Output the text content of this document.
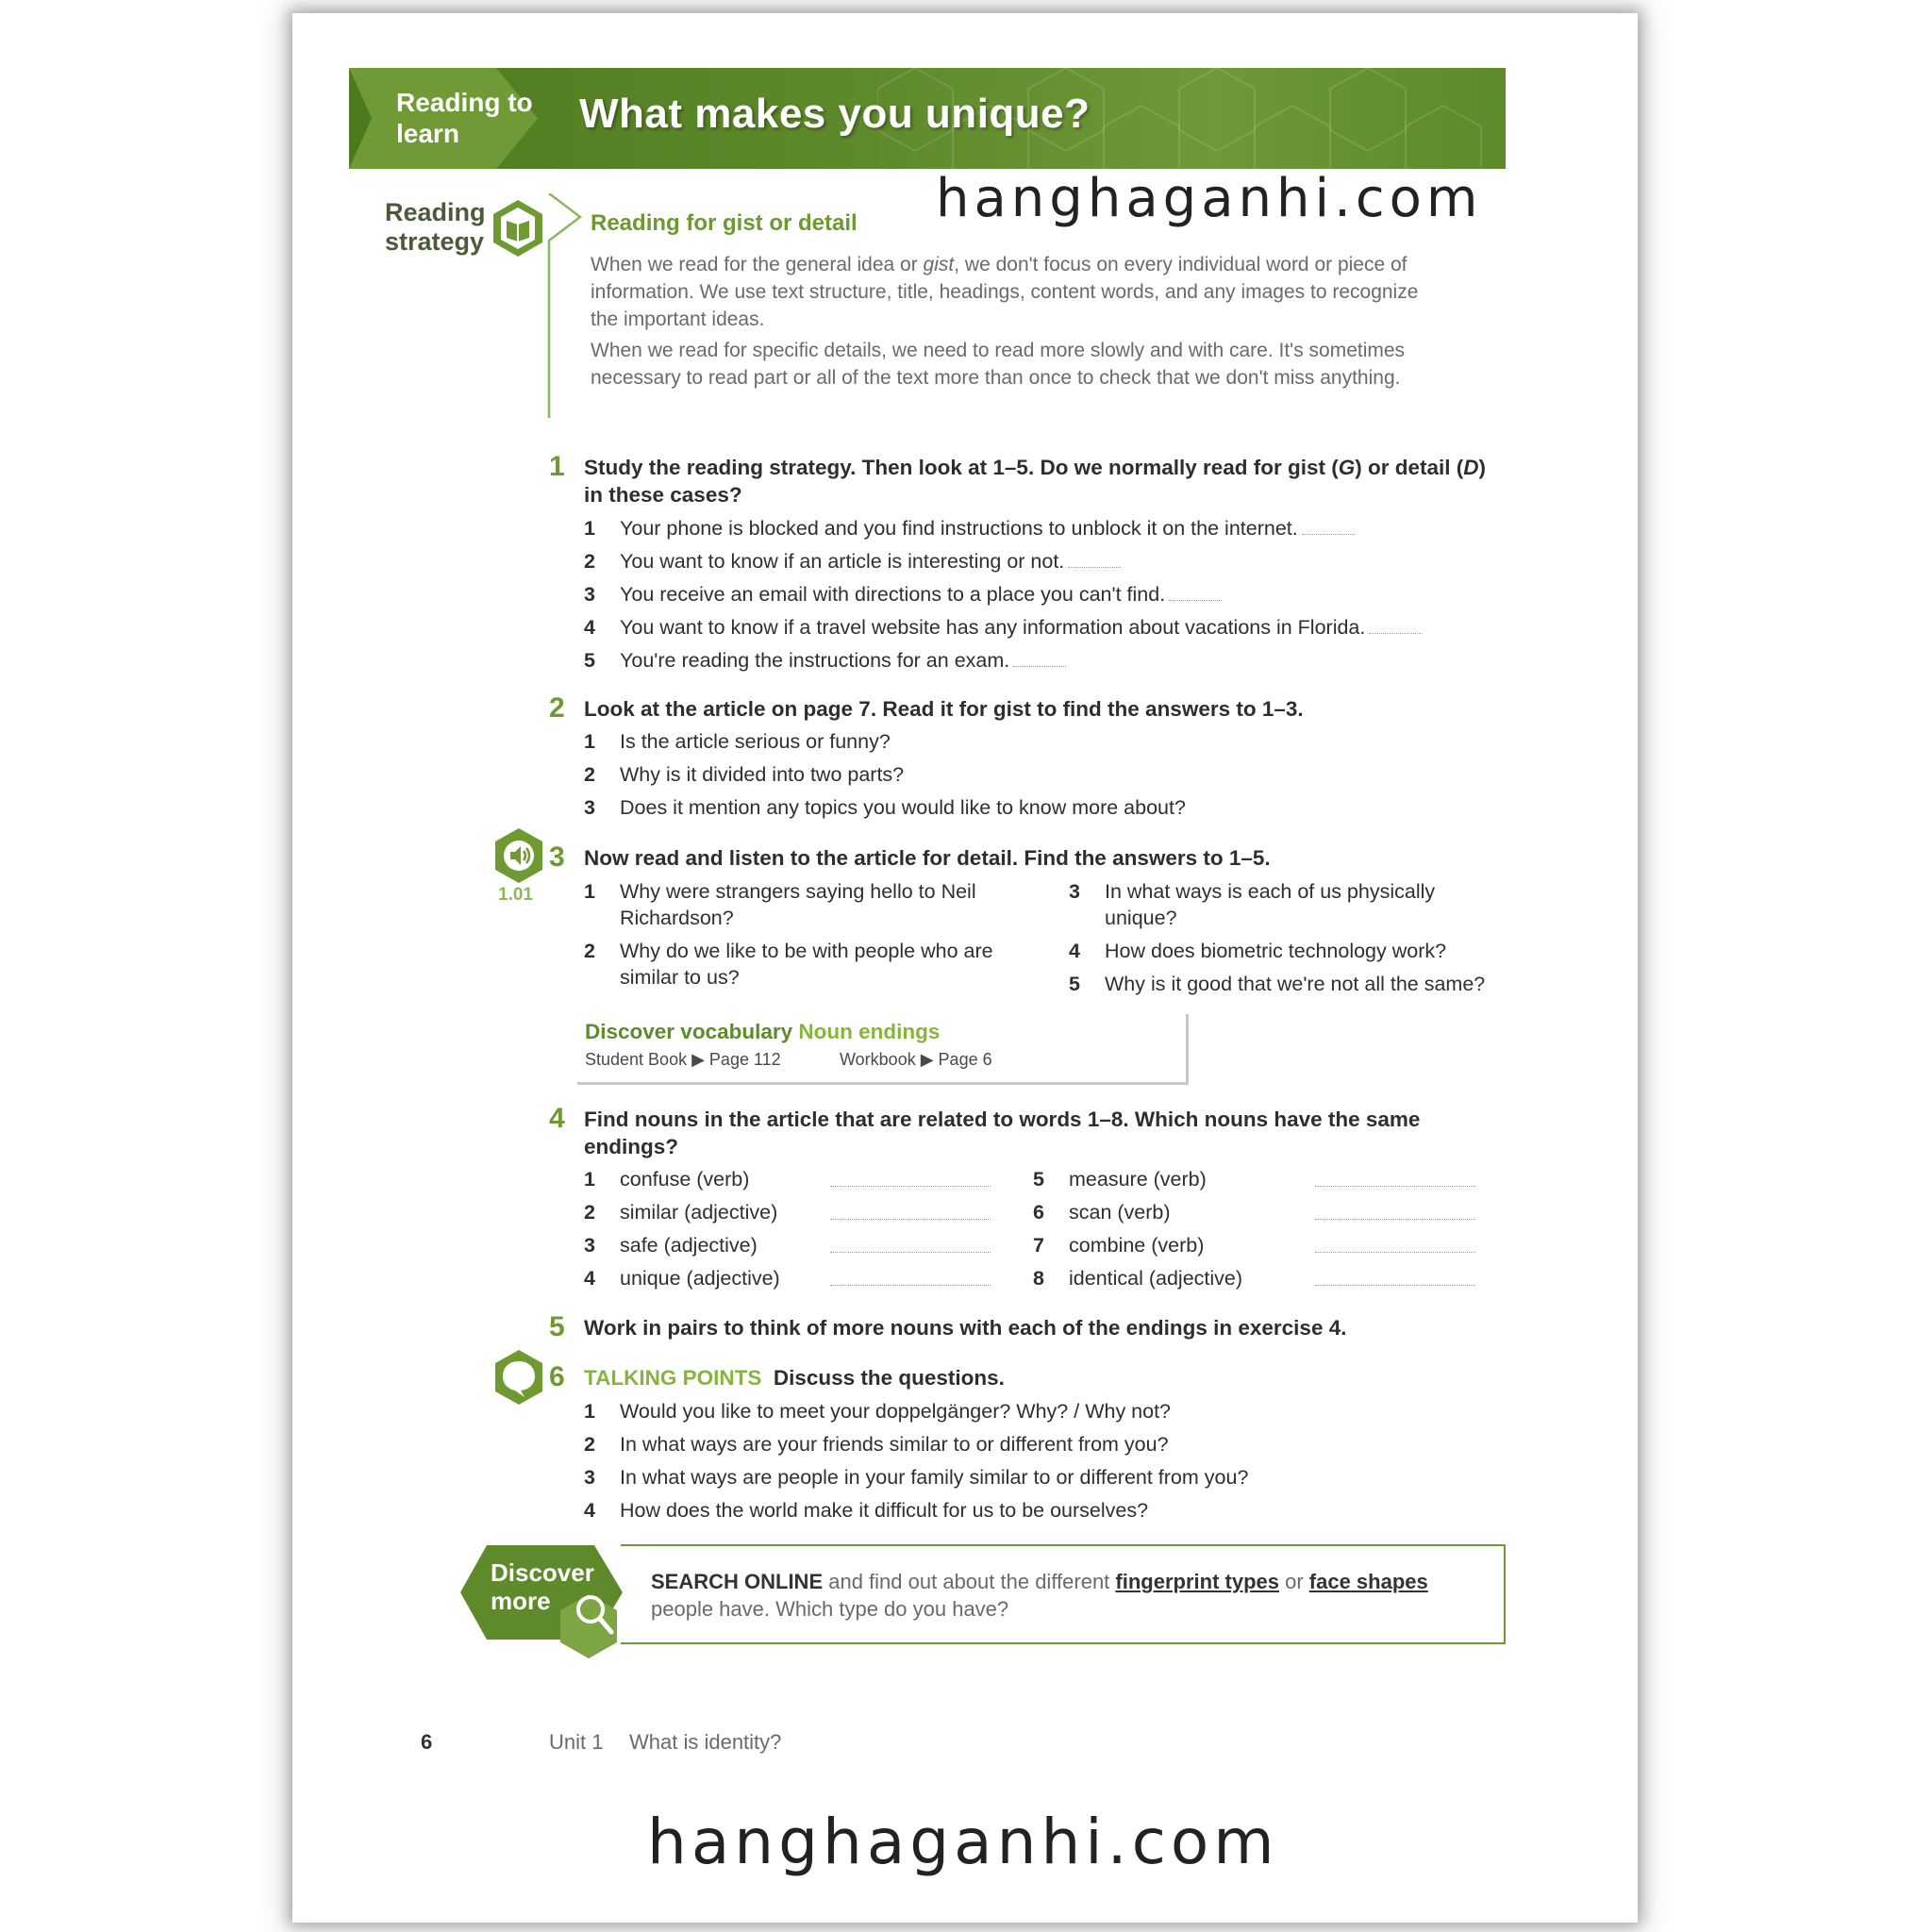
Reading to learn	What makes you unique?
hanghaganhi.com
Reading strategy
Reading for gist or detail
When we read for the general idea or gist, we don't focus on every individual word or piece of information. We use text structure, title, headings, content words, and any images to recognize the important ideas.
When we read for specific details, we need to read more slowly and with care. It's sometimes necessary to read part or all of the text more than once to check that we don't miss anything.
1 Study the reading strategy. Then look at 1–5. Do we normally read for gist (G) or detail (D) in these cases?
1 Your phone is blocked and you find instructions to unblock it on the internet.
2 You want to know if an article is interesting or not.
3 You receive an email with directions to a place you can't find.
4 You want to know if a travel website has any information about vacations in Florida.
5 You're reading the instructions for an exam.
2 Look at the article on page 7. Read it for gist to find the answers to 1–3.
1 Is the article serious or funny?
2 Why is it divided into two parts?
3 Does it mention any topics you would like to know more about?
1.01
3 Now read and listen to the article for detail. Find the answers to 1–5.
1 Why were strangers saying hello to Neil
Richardson?
2 Why do we like to be with people who are
similar to us?
3 In what ways is each of us physically
unique?
4 How does biometric technology work?
5 Why is it good that we're not all the same?
Discover vocabulary Noun endings
Student Book ▶ Page 112	Workbook ▶ Page 6
4 Find nouns in the article that are related to words 1–8. Which nouns have the same endings?
1 confuse (verb)
2 similar (adjective)
3 safe (adjective)
4 unique (adjective)
5 measure (verb)
6 scan (verb)
7 combine (verb)
8 identical (adjective)
5 Work in pairs to think of more nouns with each of the endings in exercise 4.
6 TALKING POINTS Discuss the questions.
1 Would you like to meet your doppelgänger? Why? / Why not?
2 In what ways are your friends similar to or different from you?
3 In what ways are people in your family similar to or different from you?
4 How does the world make it difficult for us to be ourselves?
Discover more
SEARCH ONLINE and find out about the different fingerprint types or face shapes people have. Which type do you have?
6	Unit 1 What is identity?
hanghaganhi.com
